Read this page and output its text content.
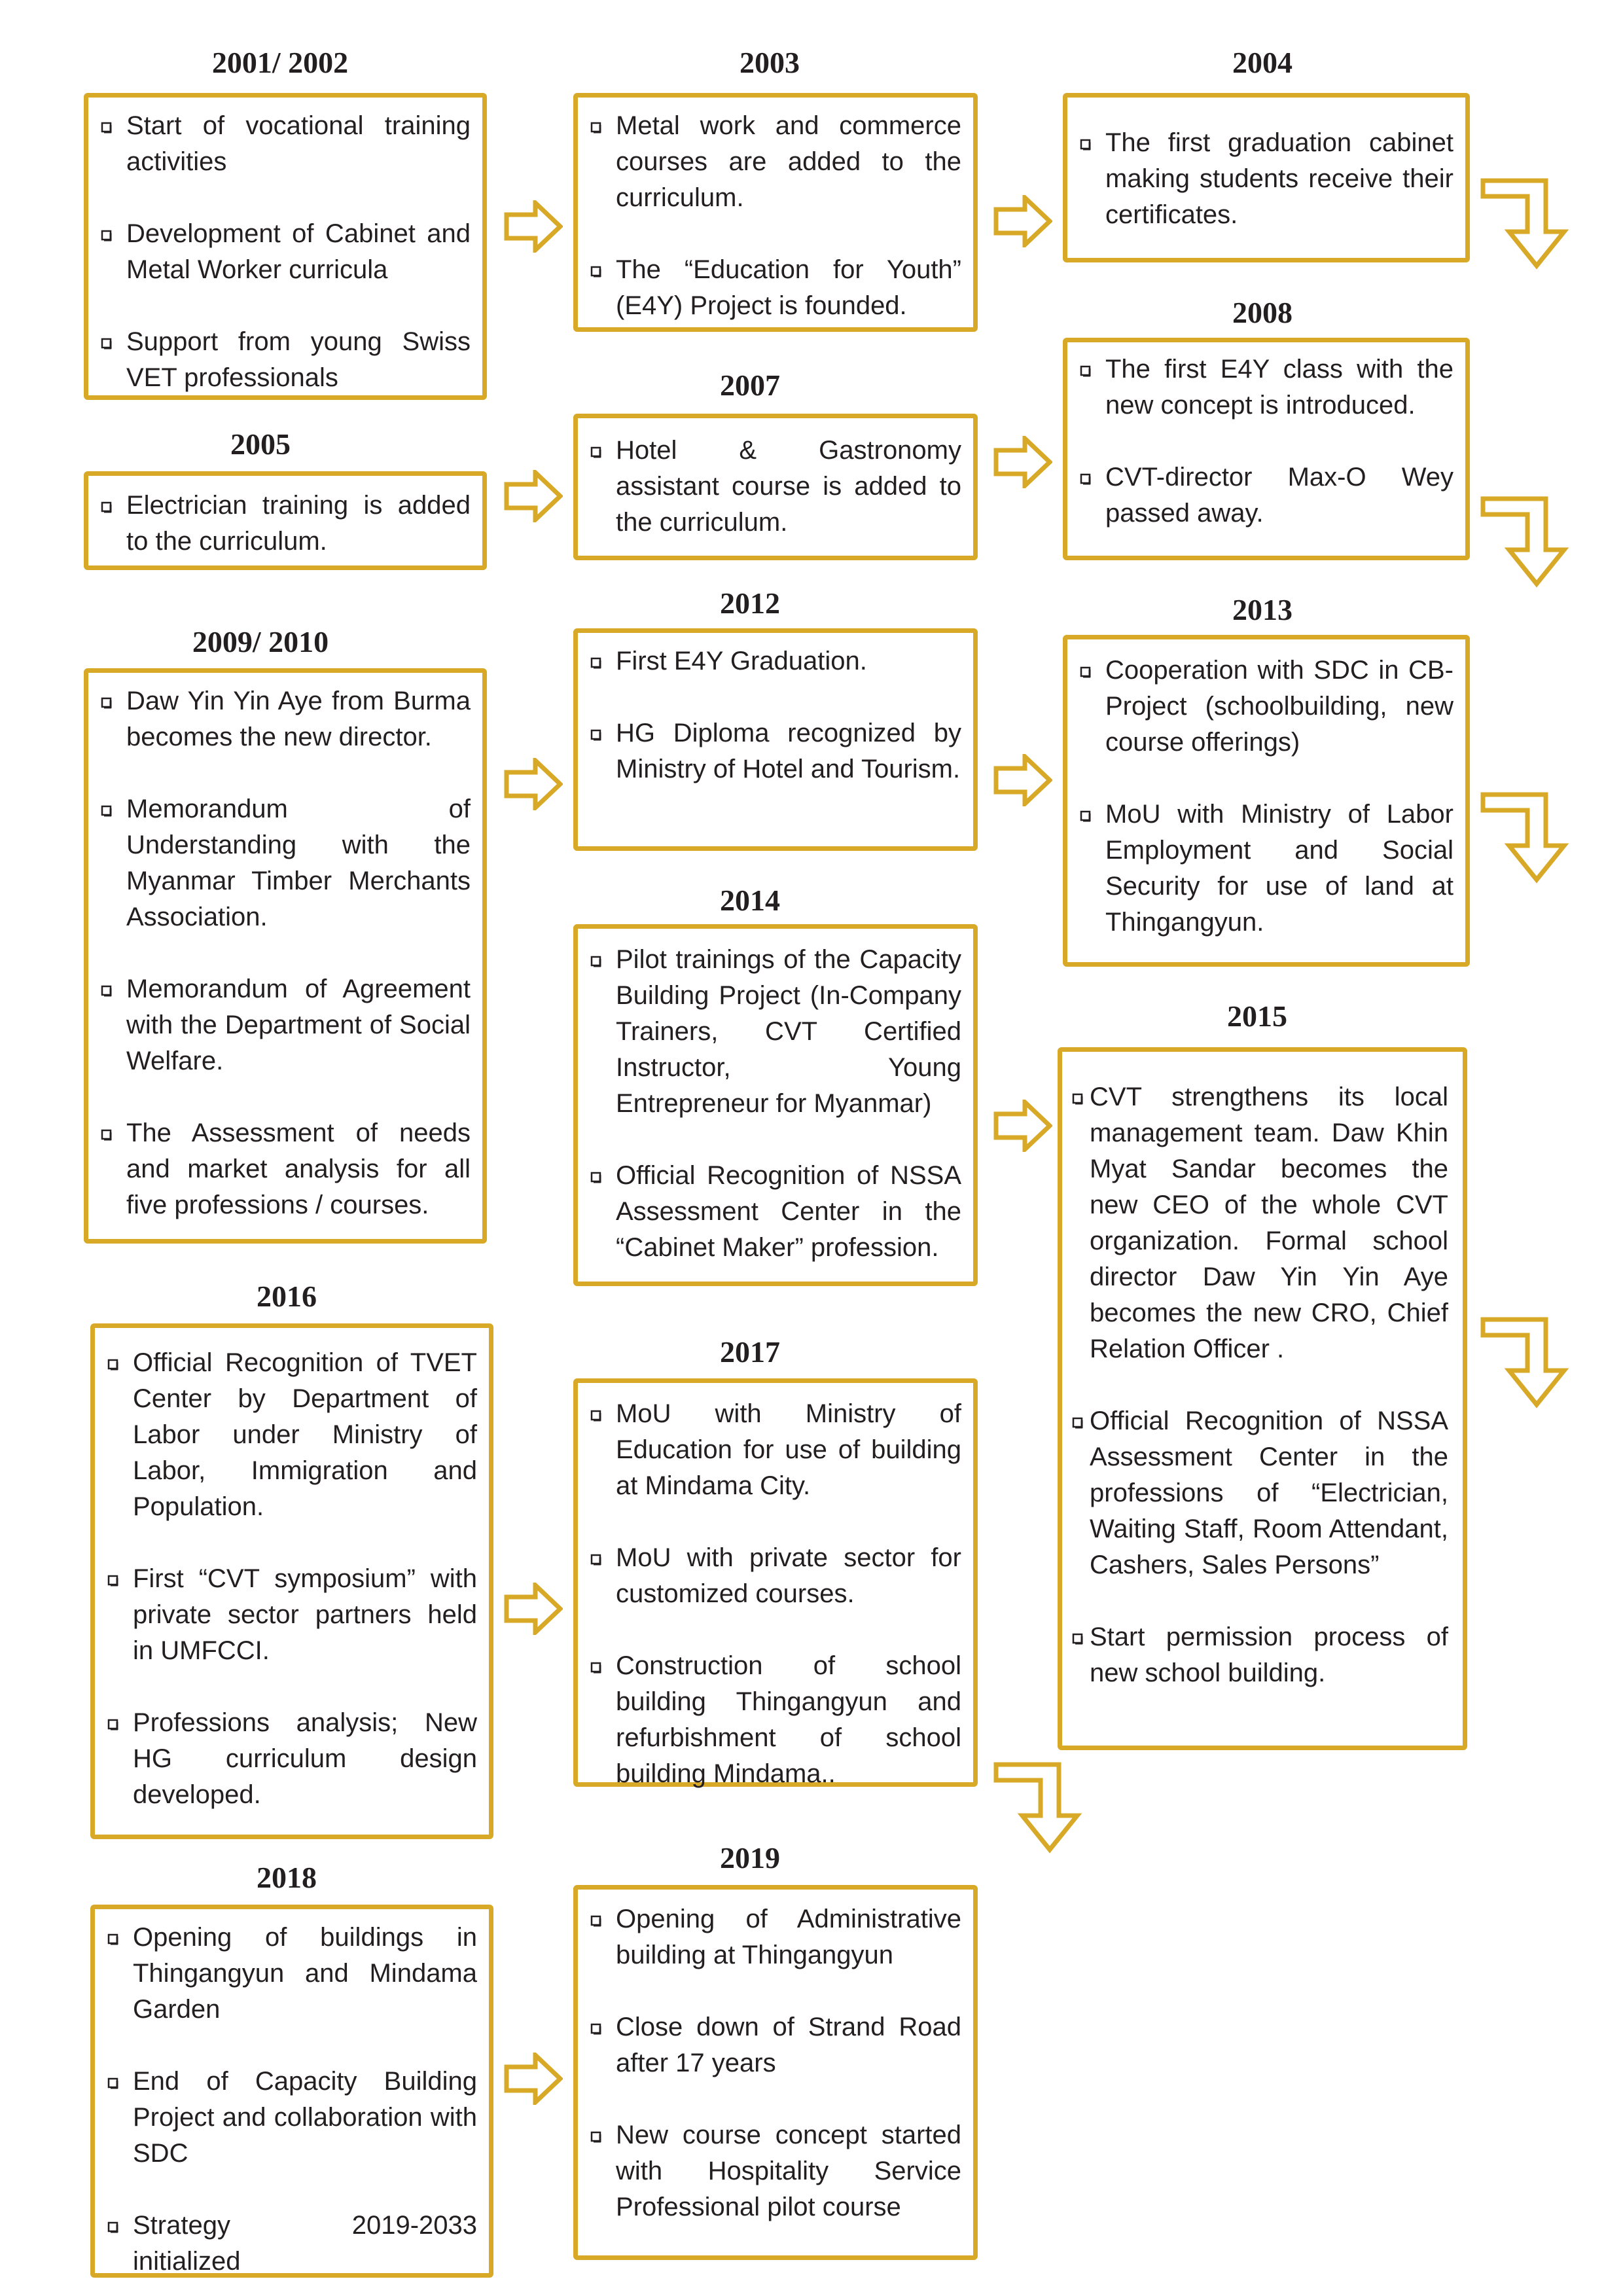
2001/ 2002
Start of vocational training activities
Development of Cabinet and Metal Worker curricula
Support from young Swiss VET professionals
2003
Metal work and commerce courses are added to the curriculum.
The “Education for Youth” (E4Y) Project is founded.
2004
The first graduation cabinet making students receive their certificates.
2005
Electrician training is added to the curriculum.
2007
Hotel & Gastronomy assistant course is added to the curriculum.
2008
The first E4Y class with the new concept is introduced.
CVT-director Max-O Wey passed away.
2009/ 2010
Daw Yin Yin Aye from Burma becomes the new director.
Memorandum of Understanding with the Myanmar Timber Merchants Association.
Memorandum of Agreement with the Department of Social Welfare.
The Assessment of needs and market analysis for all five professions / courses.
2012
First E4Y Graduation.
HG Diploma recognized by Ministry of Hotel and Tourism.
2013
Cooperation with SDC in CB-Project (schoolbuilding, new course offerings)
MoU with Ministry of Labor Employment and Social Security for use of land at Thingangyun.
2014
Pilot trainings of the Capacity Building Project (In-Company Trainers, CVT Certified Instructor, Young Entrepreneur for Myanmar)
Official Recognition of NSSA Assessment Center in the “Cabinet Maker” profession.
2015
CVT strengthens its local management team. Daw Khin Myat Sandar becomes the new CEO of the whole CVT organization. Formal school director Daw Yin Yin Aye becomes the new CRO, Chief Relation Officer .
Official Recognition of NSSA Assessment Center in the professions of “Electrician, Waiting Staff, Room Attendant, Cashers, Sales Persons”
Start permission process of new school building.
2016
Official Recognition of TVET Center by Department of Labor under Ministry of Labor, Immigration and Population.
First “CVT symposium” with private sector partners held in UMFCCI.
Professions analysis; New HG curriculum design developed.
2017
MoU with Ministry of Education for use of building at Mindama City.
MoU with private sector for customized courses.
Construction of school building Thingangyun and refurbishment of school building Mindama..
2018
Opening of buildings in Thingangyun and Mindama Garden
End of Capacity Building Project and collaboration with SDC
Strategy 2019-2033 initialized
2019
Opening of Administrative building at Thingangyun
Close down of Strand Road after 17 years
New course concept started with Hospitality Service Professional pilot course
